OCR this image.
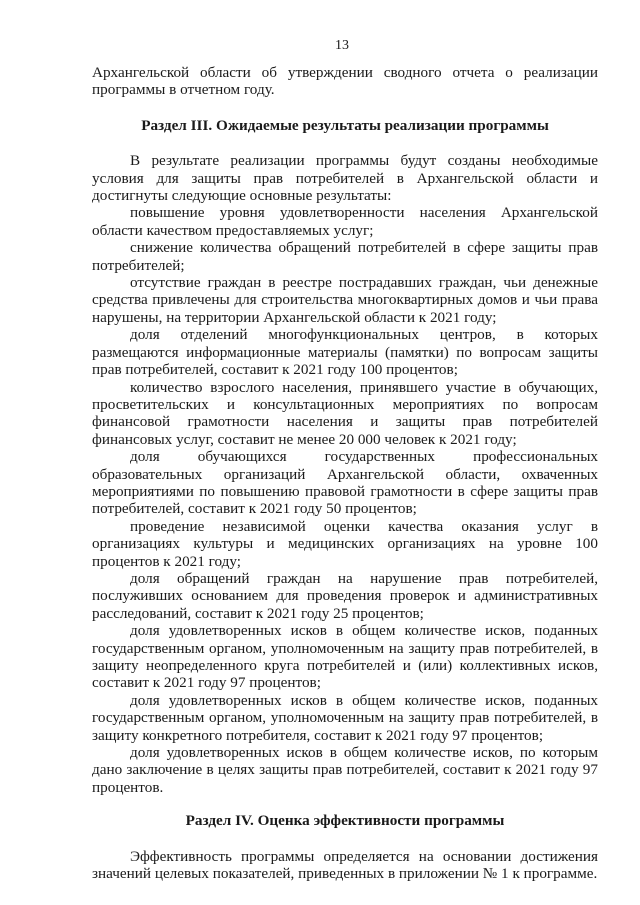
13

Архангельской области об утверждении сводного отчета о реализации программы в отчетном году.

Раздел III. Ожидаемые результаты реализации программы

В результате реализации программы будут созданы необходимые условия для защиты прав потребителей в Архангельской области и достигнуты следующие основные результаты:

повышение уровня удовлетворенности населения Архангельской области качеством предоставляемых услуг;

снижение количества обращений потребителей в сфере защиты прав потребителей;

отсутствие граждан в реестре пострадавших граждан, чьи денежные средства привлечены для строительства многоквартирных домов и чьи права нарушены, на территории Архангельской области к 2021 году;

доля отделений многофункциональных центров, в которых размещаются информационные материалы (памятки) по вопросам защиты прав потребителей, составит к 2021 году 100 процентов;

количество взрослого населения, принявшего участие в обучающих, просветительских и консультационных мероприятиях по вопросам финансовой грамотности населения и защиты прав потребителей финансовых услуг, составит не менее 20 000 человек к 2021 году;

доля обучающихся государственных профессиональных образовательных организаций Архангельской области, охваченных мероприятиями по повышению правовой грамотности в сфере защиты прав потребителей, составит к 2021 году 50 процентов;

проведение независимой оценки качества оказания услуг в организациях культуры и медицинских организациях на уровне 100 процентов к 2021 году;

доля обращений граждан на нарушение прав потребителей, послуживших основанием для проведения проверок и административных расследований, составит к 2021 году 25 процентов;

доля удовлетворенных исков в общем количестве исков, поданных государственным органом, уполномоченным на защиту прав потребителей, в защиту неопределенного круга потребителей и (или) коллективных исков, составит к 2021 году 97 процентов;

доля удовлетворенных исков в общем количестве исков, поданных государственным органом, уполномоченным на защиту прав потребителей, в защиту конкретного потребителя, составит к 2021 году 97 процентов;

доля удовлетворенных исков в общем количестве исков, по которым дано заключение в целях защиты прав потребителей, составит к 2021 году 97 процентов.

Раздел IV. Оценка эффективности программы

Эффективность программы определяется на основании достижения значений целевых показателей, приведенных в приложении № 1 к программе.
